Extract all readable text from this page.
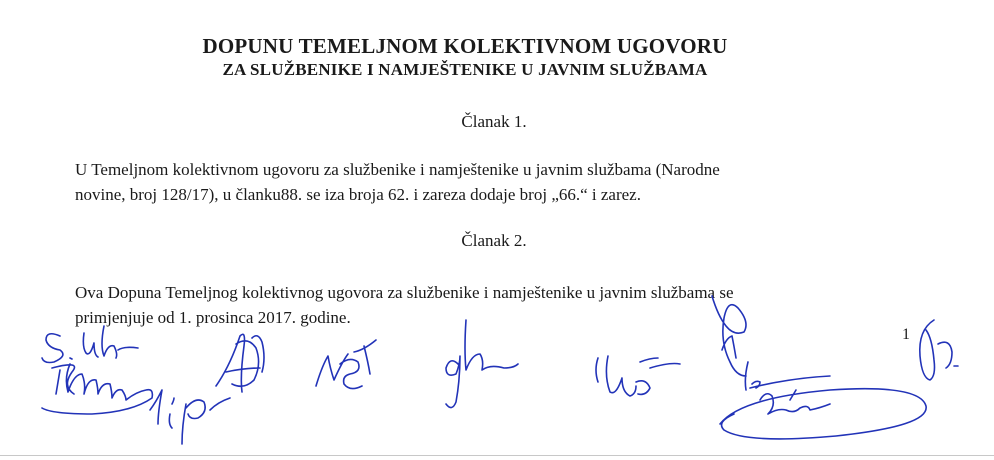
DOPUNU TEMELJNOM KOLEKTIVNOM UGOVORU
ZA SLUŽBENIKE I NAMJEŠTENIKE U JAVNIM SLUŽBAMA
Članak 1.
U Temeljnom kolektivnom ugovoru za službenike i namještenike u javnim službama (Narodne
novine, broj 128/17), u članku88. se iza broja 62. i zareza dodaje broj „66.“ i zarez.
Članak 2.
Ova Dopuna Temeljnog kolektivnog ugovora za službenike i namještenike u javnim službama se
primjenjuje od 1. prosinca 2017. godine.
1
